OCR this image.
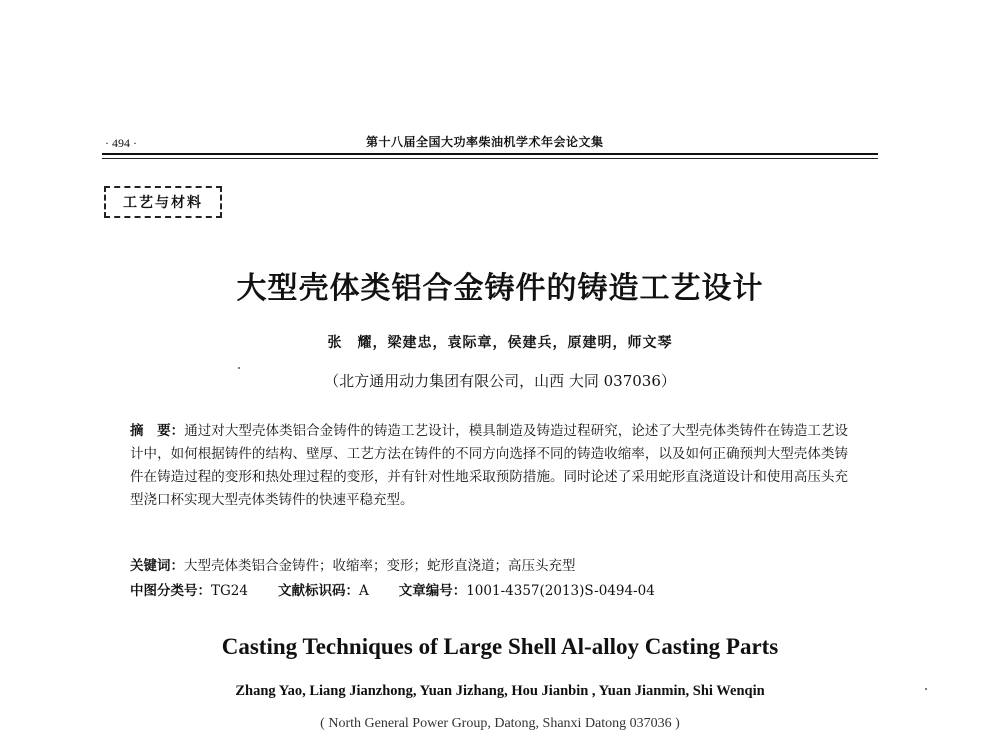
· 494 ·	第十八届全国大功率柴油机学术年会论文集
工艺与材料
大型壳体类铝合金铸件的铸造工艺设计
张　耀，梁建忠，袁际章，侯建兵，原建明，师文琴
（北方通用动力集团有限公司，山西 大同 037036）
摘　要：通过对大型壳体类铝合金铸件的铸造工艺设计，模具制造及铸造过程研究，论述了大型壳体类铸件在铸造工艺设计中，如何根据铸件的结构、壁厚、工艺方法在铸件的不同方向选择不同的铸造收缩率，以及如何正确预判大型壳体类铸件在铸造过程的变形和热处理过程的变形，并有针对性地采取预防措施。同时论述了采用蛇形直浇道设计和使用高压头充型浇口杯实现大型壳体类铸件的快速平稳充型。
关键词：大型壳体类铝合金铸件；收缩率；变形；蛇形直浇道；高压头充型
中图分类号：TG24 文献标识码：A 文章编号：1001-4357(2013)S-0494-04
Casting Techniques of Large Shell Al-alloy Casting Parts
Zhang Yao, Liang Jianzhong, Yuan Jizhang, Hou Jianbin , Yuan Jianmin, Shi Wenqin
( North General Power Group, Datong, Shanxi Datong 037036 )
